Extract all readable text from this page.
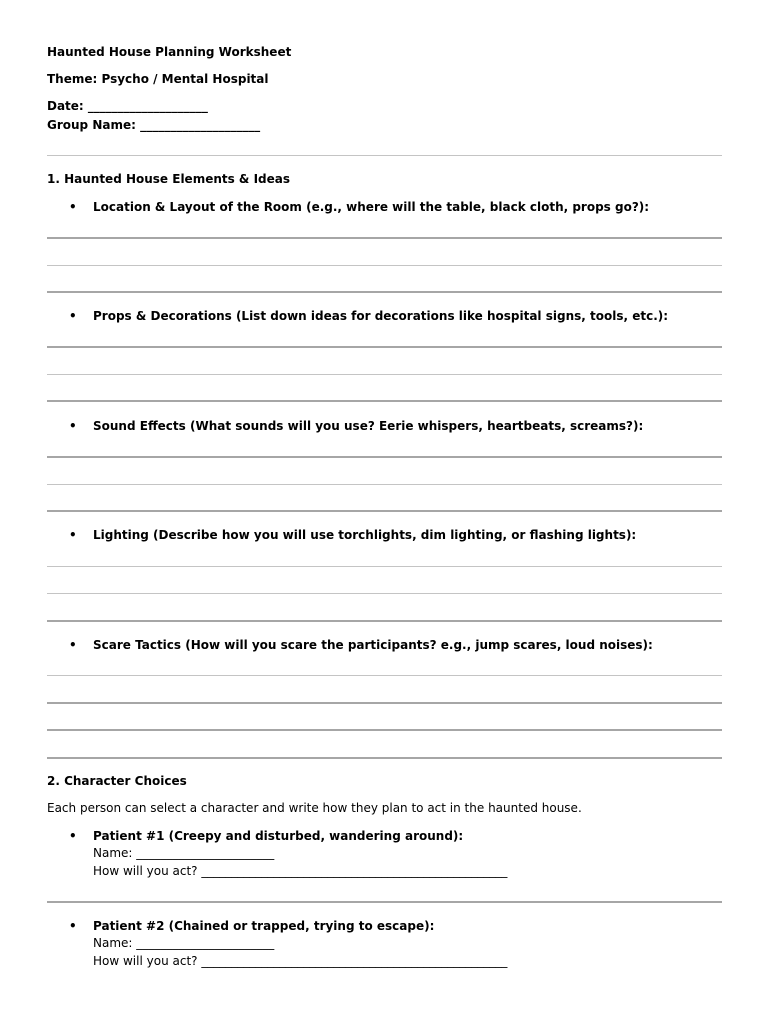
Haunted House Planning Worksheet
Theme: Psycho / Mental Hospital
Date: ____________________
Group Name: ____________________
1. Haunted House Elements & Ideas
• Location & Layout of the Room (e.g., where will the table, black cloth, props go?):
• Props & Decorations (List down ideas for decorations like hospital signs, tools, etc.):
• Sound Effects (What sounds will you use? Eerie whispers, heartbeats, screams?):
• Lighting (Describe how you will use torchlights, dim lighting, or flashing lights):
• Scare Tactics (How will you scare the participants? e.g., jump scares, loud noises):
2. Character Choices
Each person can select a character and write how they plan to act in the haunted house.
• Patient #1 (Creepy and disturbed, wandering around):
Name: _______________________
How will you act? ___________________________________________________
• Patient #2 (Chained or trapped, trying to escape):
Name: _______________________
How will you act? ___________________________________________________
